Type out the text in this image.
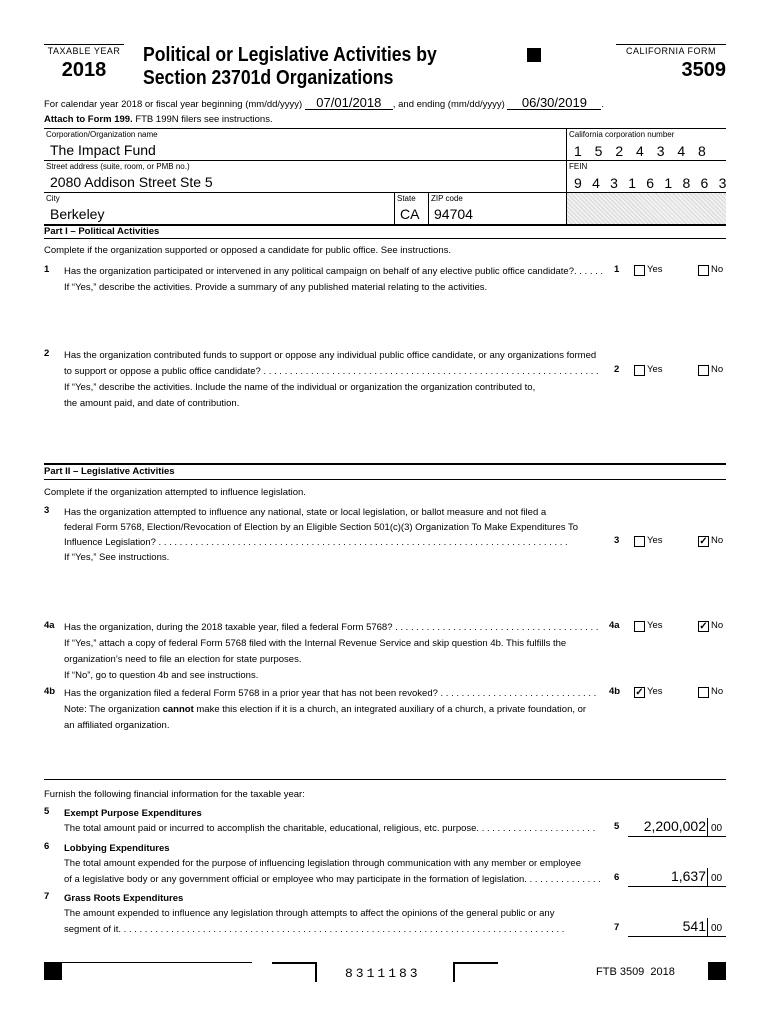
TAXABLE YEAR
2018
Political or Legislative Activities by
Section 23701d Organizations
CALIFORNIA FORM
3509
For calendar year 2018 or fiscal year beginning (mm/dd/yyyy) 07/01/2018 , and ending (mm/dd/yyyy) 06/30/2019 .
Attach to Form 199. FTB 199N filers see instructions.
Corporation/Organization name
The Impact Fund
Street address (suite, room, or PMB no.)
2080 Addison Street Ste 5
City
Berkeley
State
CA
ZIP code
94704
California corporation number
1 5 2 4 3 4 8
FEIN
9 4 3 1 6 1 8 6 3
Part I – Political Activities
Complete if the organization supported or opposed a candidate for public office. See instructions.
1 Has the organization participated or intervened in any political campaign on behalf of any elective public office candidate?. . . . . .	1	Yes	No
If “Yes,” describe the activities. Provide a summary of any published material relating to the activities.
2 Has the organization contributed funds to support or oppose any individual public office candidate, or any organizations formed
to support or oppose a public office candidate? . . . . . . . . . . . . . . . . . . . . . . . . . . . . . . . . . . . . . . . . . . . . . . . . . . . . . . . . . . . . . . . .	2	Yes	No
If “Yes,” describe the activities. Include the name of the individual or organization the organization contributed to,
the amount paid, and date of contribution.
Part II – Legislative Activities
Complete if the organization attempted to influence legislation.
3 Has the organization attempted to influence any national, state or local legislation, or ballot measure and not filed a
federal Form 5768, Election/Revocation of Election by an Eligible Section 501(c)(3) Organization To Make Expenditures To
Influence Legislation? . . . . . . . . . . . . . . . . . . . . . . . . . . . . . . . . . . . . . . . . . . . . . . . . . . . . . . . . . . . . . . . . . . . . . . . . . . . . . .	3	Yes	✓ No
If “Yes,” See instructions.
4a Has the organization, during the 2018 taxable year, filed a federal Form 5768? . . . . . . . . . . . . . . . . . . . . . . . . . . . . . . . . . . . . . . .	4a	Yes	✓ No
If “Yes,” attach a copy of federal Form 5768 filed with the Internal Revenue Service and skip question 4b. This fulfills the
organization’s need to file an election for state purposes.
If “No”, go to question 4b and see instructions.
4b Has the organization filed a federal Form 5768 in a prior year that has not been revoked? . . . . . . . . . . . . . . . . . . . . . . . . . . . . . .	4b ✓ Yes	No
Note: The organization cannot make this election if it is a church, an integrated auxiliary of a church, a private foundation, or
an affiliated organization.
Furnish the following financial information for the taxable year:
5 Exempt Purpose Expenditures
The total amount paid or incurred to accomplish the charitable, educational, religious, etc. purpose. . . . . . . . . . . . . . . . . . . . . . .	5	2,200,002 00
6 Lobbying Expenditures
The total amount expended for the purpose of influencing legislation through communication with any member or employee
of a legislative body or any government official or employee who may participate in the formation of legislation. . . . . . . . . . . . . . .	6	1,637 00
7 Grass Roots Expenditures
The amount expended to influence any legislation through attempts to affect the opinions of the general public or any
segment of it. . . . . . . . . . . . . . . . . . . . . . . . . . . . . . . . . . . . . . . . . . . . . . . . . . . . . . . . . . . . . . . . . . . . . . . . . . . . . . . . . . . . .	7	541 00
8311183	FTB 3509  2018
